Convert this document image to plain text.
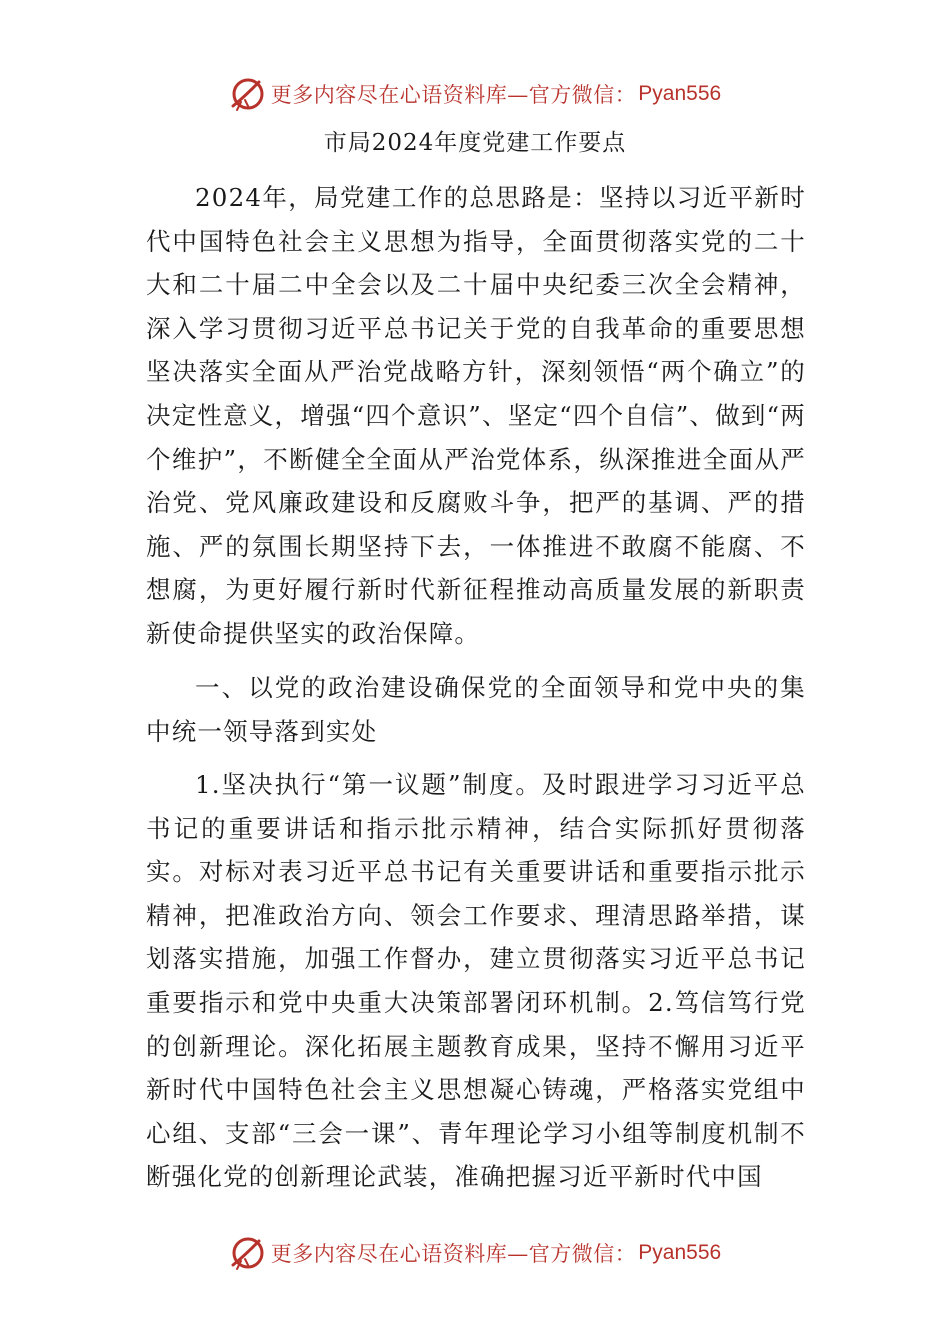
更多内容尽在心语资料库—官方微信： Pyan556
市局2024年度党建工作要点

2024年，局党建工作的总思路是：坚持以习近平新时代中国特色社会主义思想为指导，全面贯彻落实党的二十大和二十届二中全会以及二十届中央纪委三次全会精神，深入学习贯彻习近平总书记关于党的自我革命的重要思想坚决落实全面从严治党战略方针，深刻领悟“两个确立”的决定性意义，增强“四个意识”、坚定“四个自信”、做到“两个维护”，不断健全全面从严治党体系，纵深推进全面从严治党、党风廉政建设和反腐败斗争，把严的基调、严的措施、严的氛围长期坚持下去，一体推进不敢腐不能腐、不想腐，为更好履行新时代新征程推动高质量发展的新职责新使命提供坚实的政治保障。

一、以党的政治建设确保党的全面领导和党中央的集中统一领导落到实处

1.坚决执行“第一议题”制度。及时跟进学习习近平总书记的重要讲话和指示批示精神，结合实际抓好贯彻落实。对标对表习近平总书记有关重要讲话和重要指示批示精神，把准政治方向、领会工作要求、理清思路举措，谋划落实措施，加强工作督办，建立贯彻落实习近平总书记重要指示和党中央重大决策部署闭环机制。2.笃信笃行党的创新理论。深化拓展主题教育成果，坚持不懈用习近平新时代中国特色社会主义思想凝心铸魂，严格落实党组中心组、支部“三会一课”、青年理论学习小组等制度机制不断强化党的创新理论武装，准确把握习近平新时代中国

更多内容尽在心语资料库—官方微信： Pyan556
